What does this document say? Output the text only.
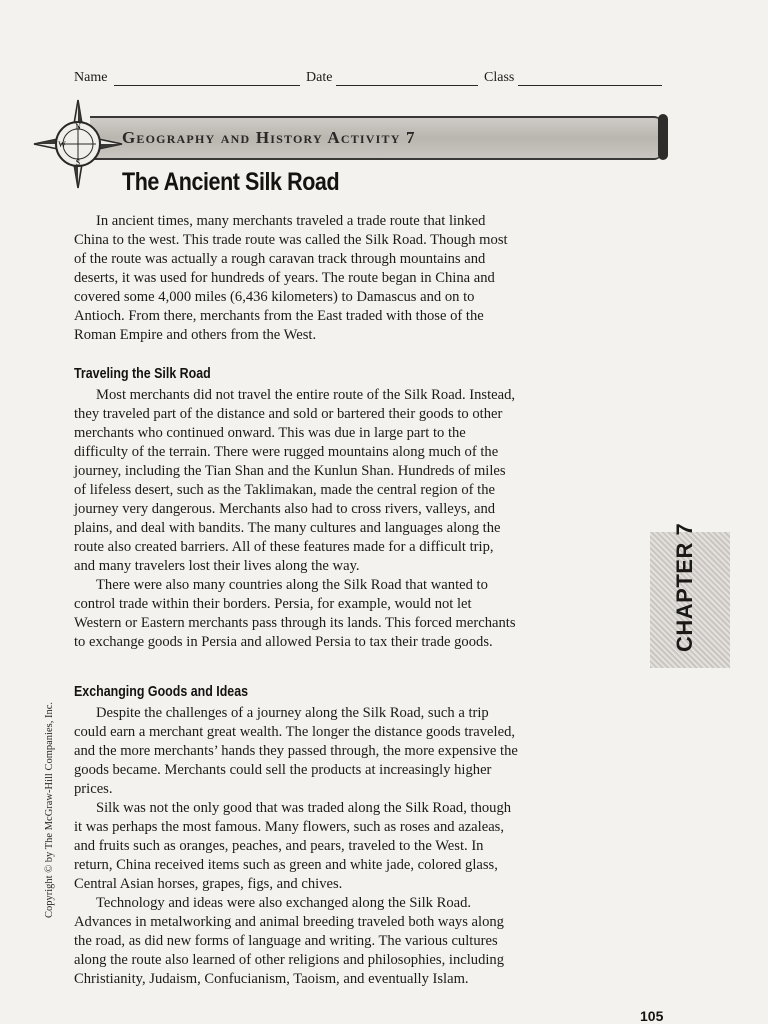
Name	Date	Class
Geography and History Activity 7
N
S
W
The Ancient Silk Road

In ancient times, many merchants traveled a trade route that linked China to the west. This trade route was called the Silk Road. Though most of the route was actually a rough caravan track through mountains and deserts, it was used for hundreds of years. The route began in China and covered some 4,000 miles (6,436 kilometers) to Damascus and on to Antioch. From there, merchants from the East traded with those of the Roman Empire and others from the West.

Traveling the Silk Road

Most merchants did not travel the entire route of the Silk Road. Instead, they traveled part of the distance and sold or bartered their goods to other merchants who continued onward. This was due in large part to the difficulty of the terrain. There were rugged mountains along much of the journey, including the Tian Shan and the Kunlun Shan. Hundreds of miles of lifeless desert, such as the Taklimakan, made the central region of the journey very dangerous. Merchants also had to cross rivers, valleys, and plains, and deal with bandits. The many cultures and languages along the route also created barriers. All of these features made for a difficult trip, and many travelers lost their lives along the way.

There were also many countries along the Silk Road that wanted to control trade within their borders. Persia, for example, would not let Western or Eastern merchants pass through its lands. This forced merchants to exchange goods in Persia and allowed Persia to tax their trade goods.

Exchanging Goods and Ideas

Despite the challenges of a journey along the Silk Road, such a trip could earn a merchant great wealth. The longer the distance goods traveled, and the more merchants’ hands they passed through, the more expensive the goods became. Merchants could sell the products at increasingly higher prices.

Silk was not the only good that was traded along the Silk Road, though it was perhaps the most famous. Many flowers, such as roses and azaleas, and fruits such as oranges, peaches, and pears, traveled to the West. In return, China received items such as green and white jade, colored glass, Central Asian horses, grapes, figs, and chives.

Technology and ideas were also exchanged along the Silk Road. Advances in metalworking and animal breeding traveled both ways along the road, as did new forms of language and writing. The various cultures along the route also learned of other religions and philosophies, including Christianity, Judaism, Confucianism, Taoism, and eventually Islam.

CHAPTER 7
Copyright © by The McGraw-Hill Companies, Inc.
105
